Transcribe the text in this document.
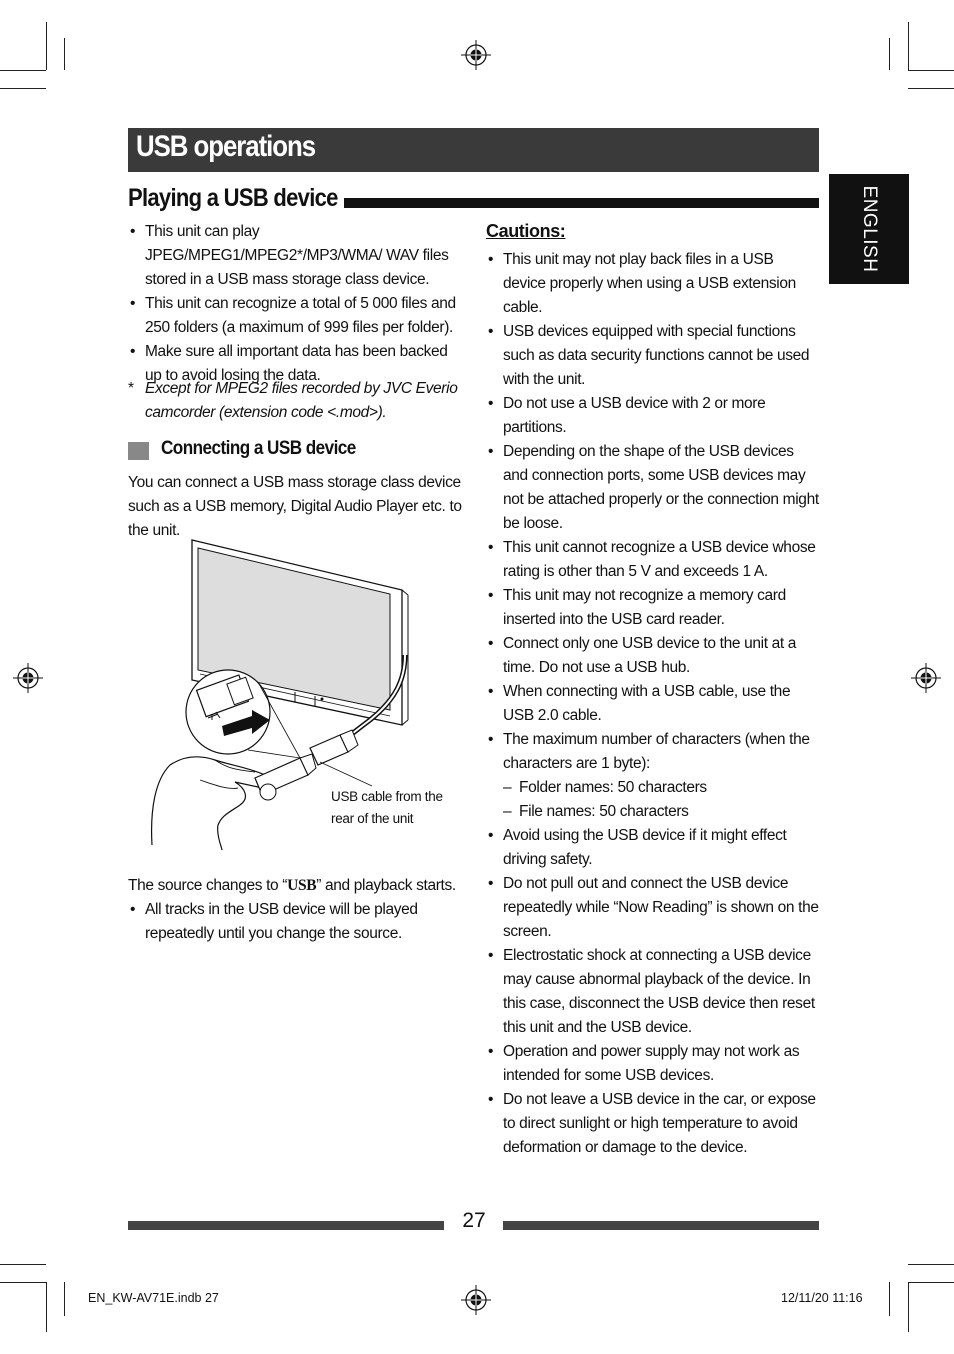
USB operations
Playing a USB device	ENGLISH
• This unit can play JPEG/MPEG1/MPEG2*/MP3/WMA/ WAV files stored in a USB mass storage class device.
• This unit can recognize a total of 5 000 files and 250 folders (a maximum of 999 files per folder).
• Make sure all important data has been backed up to avoid losing the data.
* Except for MPEG2 files recorded by JVC Everio camcorder (extension code <.mod>).
Connecting a USB device
You can connect a USB mass storage class device such as a USB memory, Digital Audio Player etc. to the unit.
USB cable from the rear of the unit
The source changes to “USB” and playback starts.
• All tracks in the USB device will be played repeatedly until you change the source.
Cautions:
• This unit may not play back files in a USB device properly when using a USB extension cable.
• USB devices equipped with special functions such as data security functions cannot be used with the unit.
• Do not use a USB device with 2 or more partitions.
• Depending on the shape of the USB devices and connection ports, some USB devices may not be attached properly or the connection might be loose.
• This unit cannot recognize a USB device whose rating is other than 5 V and exceeds 1 A.
• This unit may not recognize a memory card inserted into the USB card reader.
• Connect only one USB device to the unit at a time. Do not use a USB hub.
• When connecting with a USB cable, use the USB 2.0 cable.
• The maximum number of characters (when the characters are 1 byte):
– Folder names: 50 characters
– File names: 50 characters
• Avoid using the USB device if it might effect driving safety.
• Do not pull out and connect the USB device repeatedly while “Now Reading” is shown on the screen.
• Electrostatic shock at connecting a USB device may cause abnormal playback of the device. In this case, disconnect the USB device then reset this unit and the USB device.
• Operation and power supply may not work as intended for some USB devices.
• Do not leave a USB device in the car, or expose to direct sunlight or high temperature to avoid deformation or damage to the device.
27
EN_KW-AV71E.indb 27	12/11/20 11:16
